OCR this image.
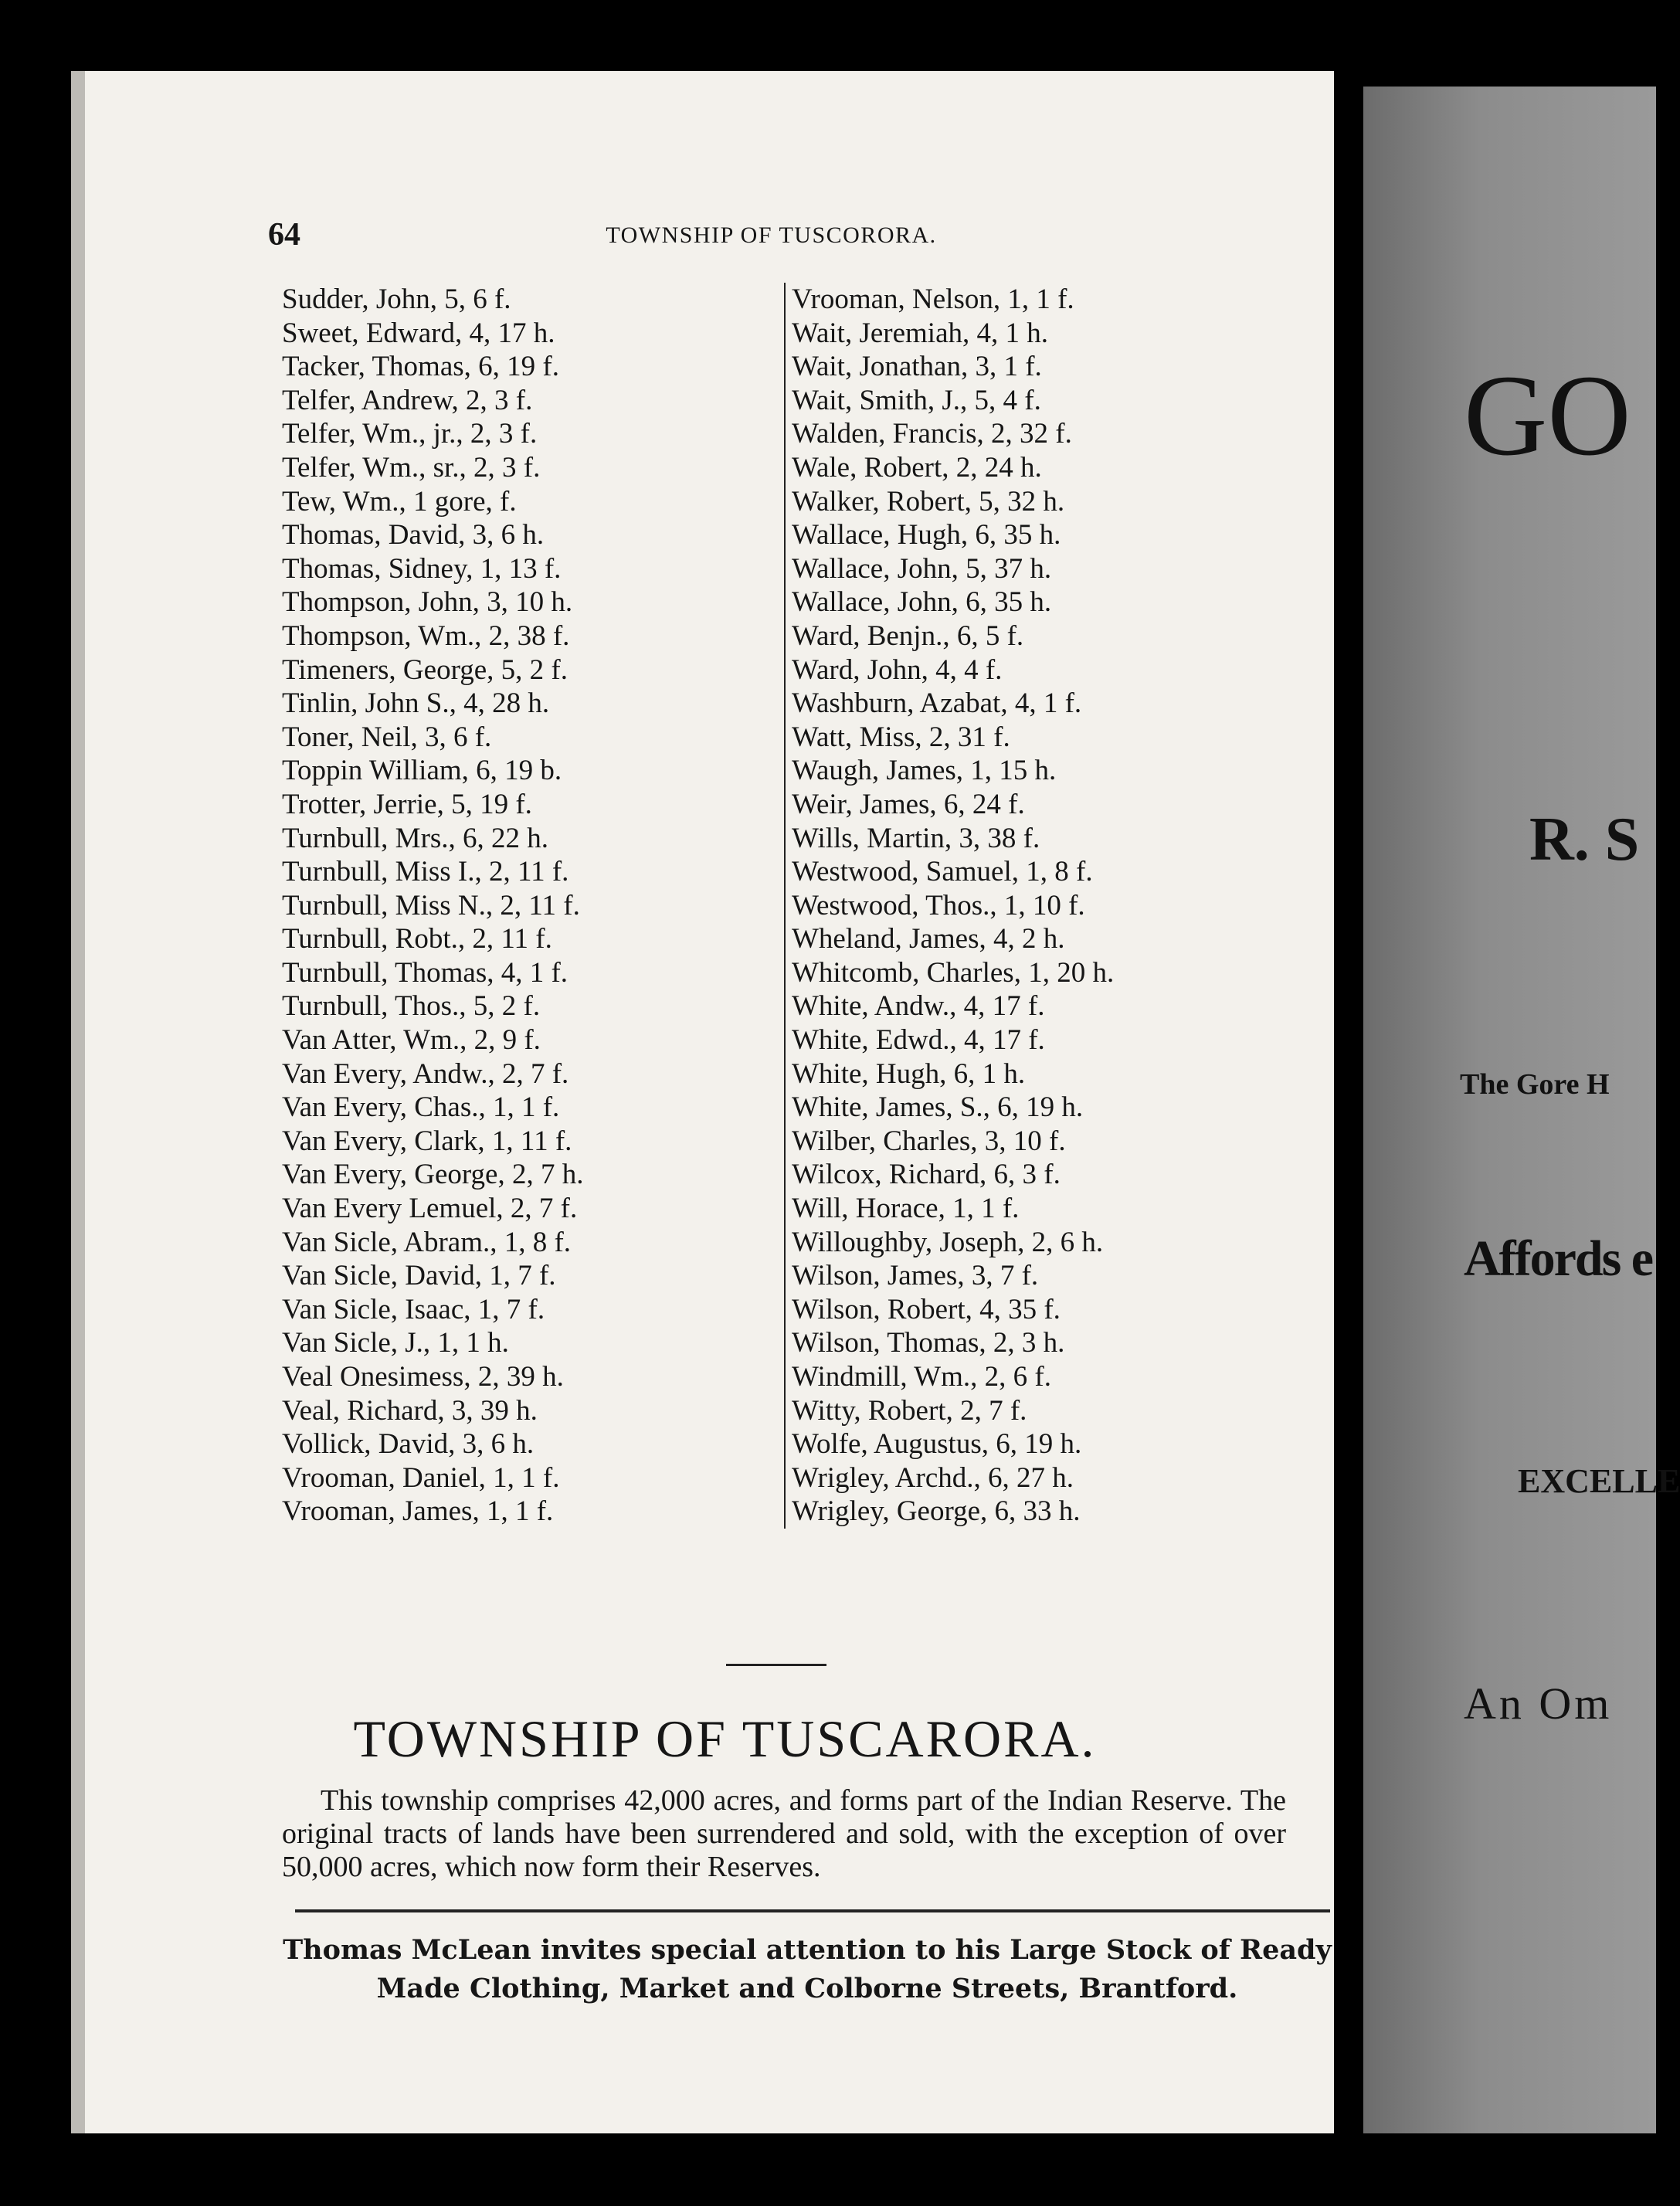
64	TOWNSHIP OF TUSCORORA.
Sudder, John, 5, 6 f.
Sweet, Edward, 4, 17 h.
Tacker, Thomas, 6, 19 f.
Telfer, Andrew, 2, 3 f.
Telfer, Wm., jr., 2, 3 f.
Telfer, Wm., sr., 2, 3 f.
Tew, Wm., 1 gore, f.
Thomas, David, 3, 6 h.
Thomas, Sidney, 1, 13 f.
Thompson, John, 3, 10 h.
Thompson, Wm., 2, 38 f.
Timeners, George, 5, 2 f.
Tinlin, John S., 4, 28 h.
Toner, Neil, 3, 6 f.
Toppin William, 6, 19 b.
Trotter, Jerrie, 5, 19 f.
Turnbull, Mrs., 6, 22 h.
Turnbull, Miss I., 2, 11 f.
Turnbull, Miss N., 2, 11 f.
Turnbull, Robt., 2, 11 f.
Turnbull, Thomas, 4, 1 f.
Turnbull, Thos., 5, 2 f.
Van Atter, Wm., 2, 9 f.
Van Every, Andw., 2, 7 f.
Van Every, Chas., 1, 1 f.
Van Every, Clark, 1, 11 f.
Van Every, George, 2, 7 h.
Van Every Lemuel, 2, 7 f.
Van Sicle, Abram., 1, 8 f.
Van Sicle, David, 1, 7 f.
Van Sicle, Isaac, 1, 7 f.
Van Sicle, J., 1, 1 h.
Veal Onesimess, 2, 39 h.
Veal, Richard, 3, 39 h.
Vollick, David, 3, 6 h.
Vrooman, Daniel, 1, 1 f.
Vrooman, James, 1, 1 f.
Vrooman, Nelson, 1, 1 f.
Wait, Jeremiah, 4, 1 h.
Wait, Jonathan, 3, 1 f.
Wait, Smith, J., 5, 4 f.
Walden, Francis, 2, 32 f.
Wale, Robert, 2, 24 h.
Walker, Robert, 5, 32 h.
Wallace, Hugh, 6, 35 h.
Wallace, John, 5, 37 h.
Wallace, John, 6, 35 h.
Ward, Benjn., 6, 5 f.
Ward, John, 4, 4 f.
Washburn, Azabat, 4, 1 f.
Watt, Miss, 2, 31 f.
Waugh, James, 1, 15 h.
Weir, James, 6, 24 f.
Wills, Martin, 3, 38 f.
Westwood, Samuel, 1, 8 f.
Westwood, Thos., 1, 10 f.
Wheland, James, 4, 2 h.
Whitcomb, Charles, 1, 20 h.
White, Andw., 4, 17 f.
White, Edwd., 4, 17 f.
White, Hugh, 6, 1 h.
White, James, S., 6, 19 h.
Wilber, Charles, 3, 10 f.
Wilcox, Richard, 6, 3 f.
Will, Horace, 1, 1 f.
Willoughby, Joseph, 2, 6 h.
Wilson, James, 3, 7 f.
Wilson, Robert, 4, 35 f.
Wilson, Thomas, 2, 3 h.
Windmill, Wm., 2, 6 f.
Witty, Robert, 2, 7 f.
Wolfe, Augustus, 6, 19 h.
Wrigley, Archd., 6, 27 h.
Wrigley, George, 6, 33 h.
TOWNSHIP OF TUSCARORA.
This township comprises 42,000 acres, and forms part of the Indian Reserve. The original tracts of lands have been surrendered and sold, with the exception of over 50,000 acres, which now form their Reserves.
Thomas McLean invites special attention to his Large Stock of Ready
Made Clothing, Market and Colborne Streets, Brantford.
GO
R. S
The Gore H
Affords e
EXCELLE
An Om
